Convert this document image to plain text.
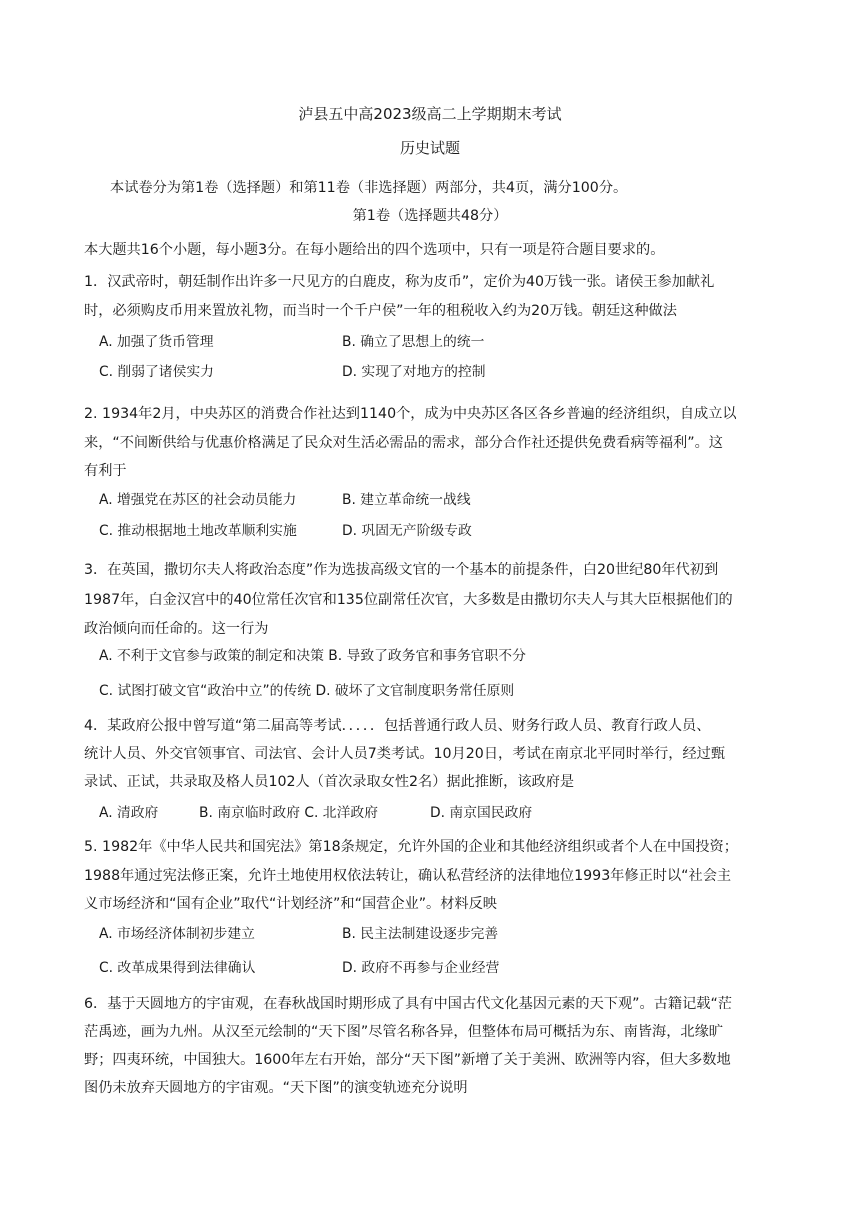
泸县五中高2023级高二上学期期末考试
历史试题
本试卷分为第1卷（选择题）和第11卷（非选择题）两部分，共4页，满分100分。
第1卷（选择题共48分）
本大题共16个小题，每小题3分。在每小题给出的四个选项中，只有一项是符合题目要求的。
1．汉武帝时，朝廷制作出许多一尺见方的白鹿皮，称为皮币”，定价为40万钱一张。诸侯王参加献礼
时，必须购皮币用来置放礼物，而当时一个千户侯”一年的租税收入约为20万钱。朝廷这种做法
A. 加强了货币管理	B. 确立了思想上的统一
C. 削弱了诸侯实力	D. 实现了对地方的控制
2. 1934年2月，中央苏区的消费合作社达到1140个，成为中央苏区各区各乡普遍的经济组织，自成立以
来，“不间断供给与优惠价格满足了民众对生活必需品的需求，部分合作社还提供免费看病等福利”。这
有利于
A. 增强党在苏区的社会动员能力	B. 建立革命统一战线
C. 推动根据地土地改革顺利实施	D. 巩固无产阶级专政
3．在英国，撒切尔夫人将政治态度”作为选拔高级文官的一个基本的前提条件，白20世纪80年代初到
1987年，白金汉宫中的40位常任次官和135位副常任次官，大多数是由撒切尔夫人与其大臣根据他们的
政治倾向而任命的。这一行为
A. 不利于文官参与政策的制定和决策 B. 导致了政务官和事务官职不分
C. 试图打破文官“政治中立”的传统 D. 破坏了文官制度职务常任原则
4．某政府公报中曾写道“第二届高等考试．．．．．包括普通行政人员、财务行政人员、教育行政人员、
统计人员、外交官领事官、司法官、会计人员7类考试。10月20日，考试在南京北平同时举行，经过甄
录试、正试，共录取及格人员102人（首次录取女性2名）据此推断，该政府是
A. 清政府	B. 南京临时政府 C. 北洋政府	D. 南京国民政府
5. 1982年《中华人民共和国宪法》第18条规定，允许外国的企业和其他经济组织或者个人在中国投资；
1988年通过宪法修正案，允许土地使用权依法转让，确认私营经济的法律地位1993年修正时以“社会主
义市场经济和“国有企业”取代“计划经济”和“国营企业”。材料反映
A. 市场经济体制初步建立	B. 民主法制建设逐步完善
C. 改革成果得到法律确认	D. 政府不再参与企业经营
6．基于天圆地方的宇宙观，在春秋战国时期形成了具有中国古代文化基因元素的天下观”。古籍记载“茫
茫禹迹，画为九州。从汉至元绘制的“天下图”尽管名称各异，但整体布局可概括为东、南皆海，北缘旷
野；四夷环统，中国独大。1600年左右开始，部分“天下图”新增了关于美洲、欧洲等内容，但大多数地
图仍未放弃天圆地方的宇宙观。“天下图”的演变轨迹充分说明
